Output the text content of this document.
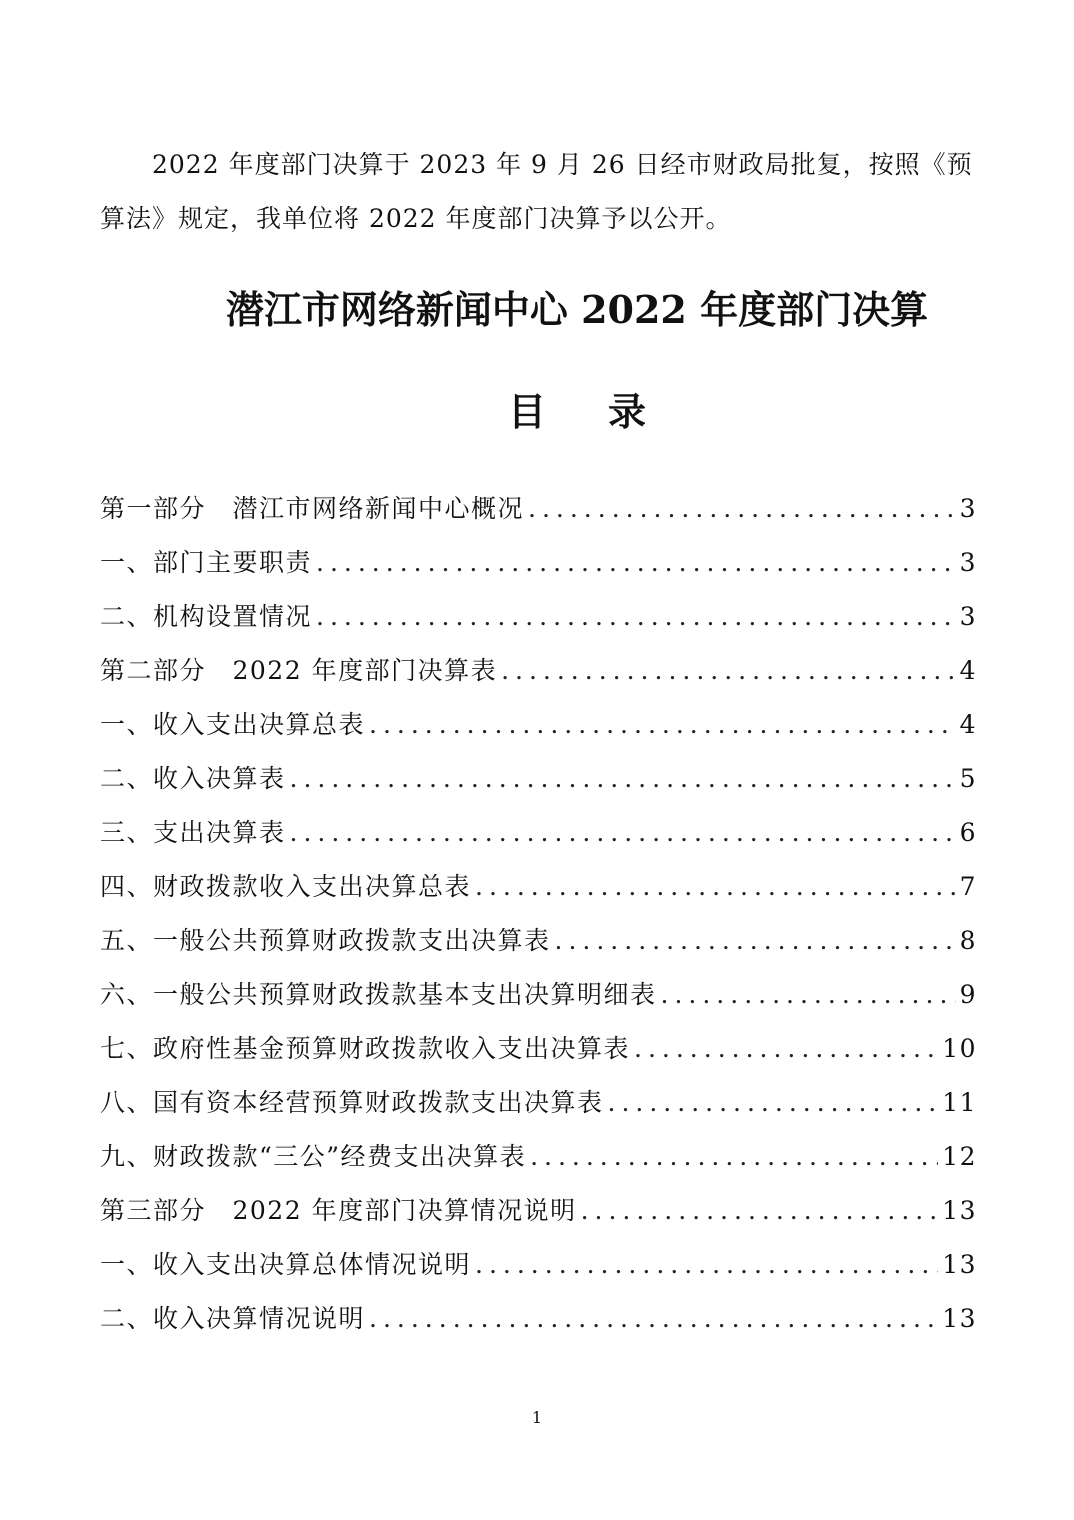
2022 年度部门决算于 2023 年 9 月 26 日经市财政局批复，按照《预算法》规定，我单位将 2022 年度部门决算予以公开。

潜江市网络新闻中心 2022 年度部门决算
目录
第一部分　潜江市网络新闻中心概况 .....	3
一、部门主要职责 .....	3
二、机构设置情况 .....	3
第二部分　2022 年度部门决算表 .....	4
一、收入支出决算总表 .....	4
二、收入决算表 .....	5
三、支出决算表 .....	6
四、财政拨款收入支出决算总表 .....	7
五、一般公共预算财政拨款支出决算表 .....	8
六、一般公共预算财政拨款基本支出决算明细表 .....	9
七、政府性基金预算财政拨款收入支出决算表 .....	10
八、国有资本经营预算财政拨款支出决算表 .....	11
九、财政拨款“三公”经费支出决算表 .....	12
第三部分　2022 年度部门决算情况说明 .....	13
一、收入支出决算总体情况说明 .....	13
二、收入决算情况说明 .....	13

1
